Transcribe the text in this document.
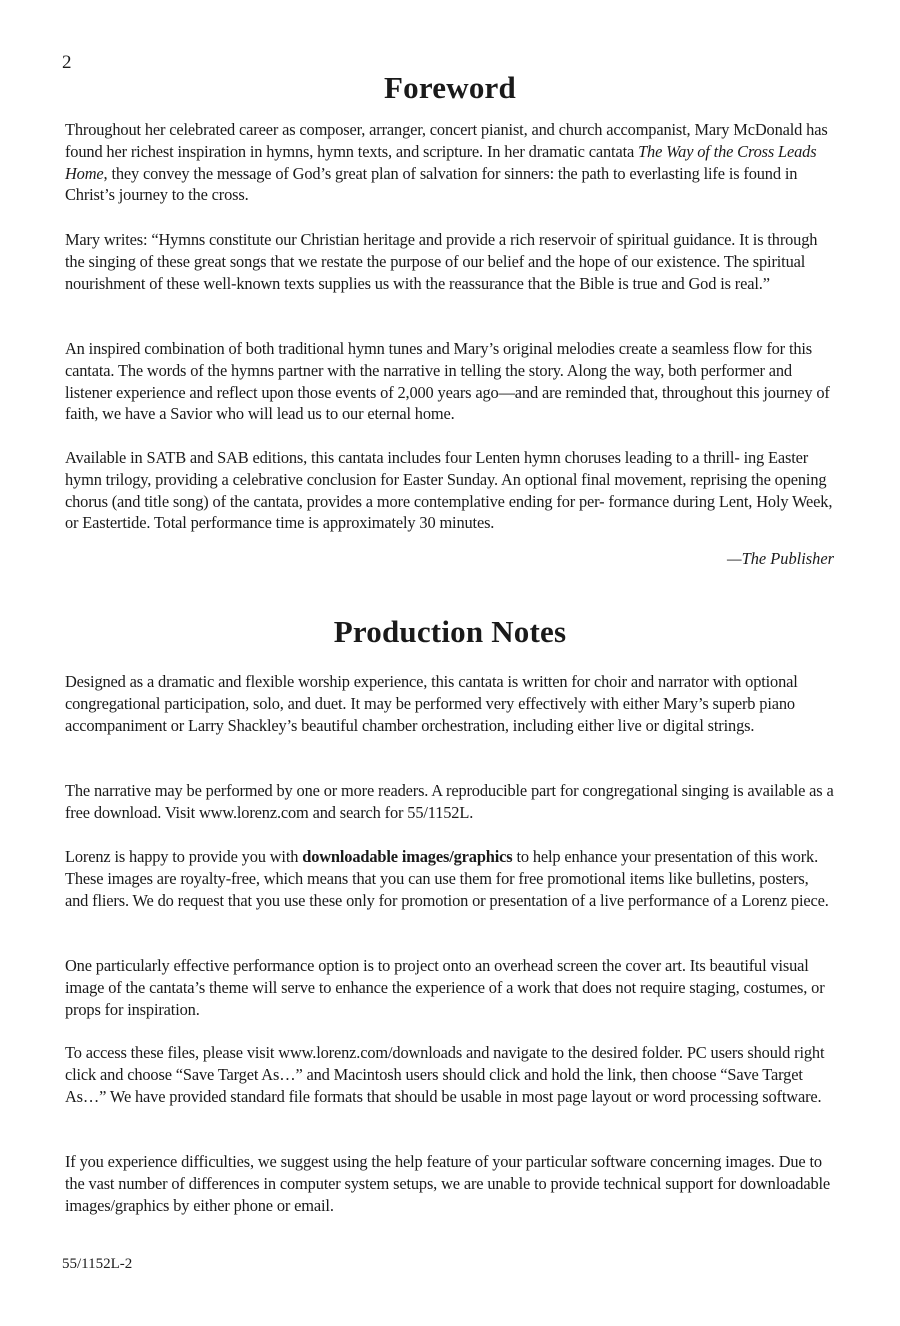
2
Foreword

Throughout her celebrated career as composer, arranger, concert pianist, and church accompanist, Mary McDonald has found her richest inspiration in hymns, hymn texts, and scripture. In her dramatic cantata The Way of the Cross Leads Home, they convey the message of God’s great plan of salvation for sinners: the path to everlasting life is found in Christ’s journey to the cross.

Mary writes: “Hymns constitute our Christian heritage and provide a rich reservoir of spiritual guidance. It is through the singing of these great songs that we restate the purpose of our belief and the hope of our existence. The spiritual nourishment of these well-known texts supplies us with the reassurance that the Bible is true and God is real.”

An inspired combination of both traditional hymn tunes and Mary’s original melodies create a seamless flow for this cantata. The words of the hymns partner with the narrative in telling the story. Along the way, both performer and listener experience and reflect upon those events of 2,000 years ago—and are reminded that, throughout this journey of faith, we have a Savior who will lead us to our eternal home.

Available in SATB and SAB editions, this cantata includes four Lenten hymn choruses leading to a thrill- ing Easter hymn trilogy, providing a celebrative conclusion for Easter Sunday. An optional final movement, reprising the opening chorus (and title song) of the cantata, provides a more contemplative ending for per- formance during Lent, Holy Week, or Eastertide. Total performance time is approximately 30 minutes.

—The Publisher

Production Notes

Designed as a dramatic and flexible worship experience, this cantata is written for choir and narrator with optional congregational participation, solo, and duet. It may be performed very effectively with either Mary’s superb piano accompaniment or Larry Shackley’s beautiful chamber orchestration, including either live or digital strings.

The narrative may be performed by one or more readers. A reproducible part for congregational singing is available as a free download. Visit www.lorenz.com and search for 55/1152L.

Lorenz is happy to provide you with downloadable images/graphics to help enhance your presentation of this work. These images are royalty-free, which means that you can use them for free promotional items like bulletins, posters, and fliers. We do request that you use these only for promotion or presentation of a live performance of a Lorenz piece.

One particularly effective performance option is to project onto an overhead screen the cover art. Its beautiful visual image of the cantata’s theme will serve to enhance the experience of a work that does not require staging, costumes, or props for inspiration.

To access these files, please visit www.lorenz.com/downloads and navigate to the desired folder. PC users should right click and choose “Save Target As…” and Macintosh users should click and hold the link, then choose “Save Target As…” We have provided standard file formats that should be usable in most page layout or word processing software.

If you experience difficulties, we suggest using the help feature of your particular software concerning images. Due to the vast number of differences in computer system setups, we are unable to provide technical support for downloadable images/graphics by either phone or email.

55/1152L-2
